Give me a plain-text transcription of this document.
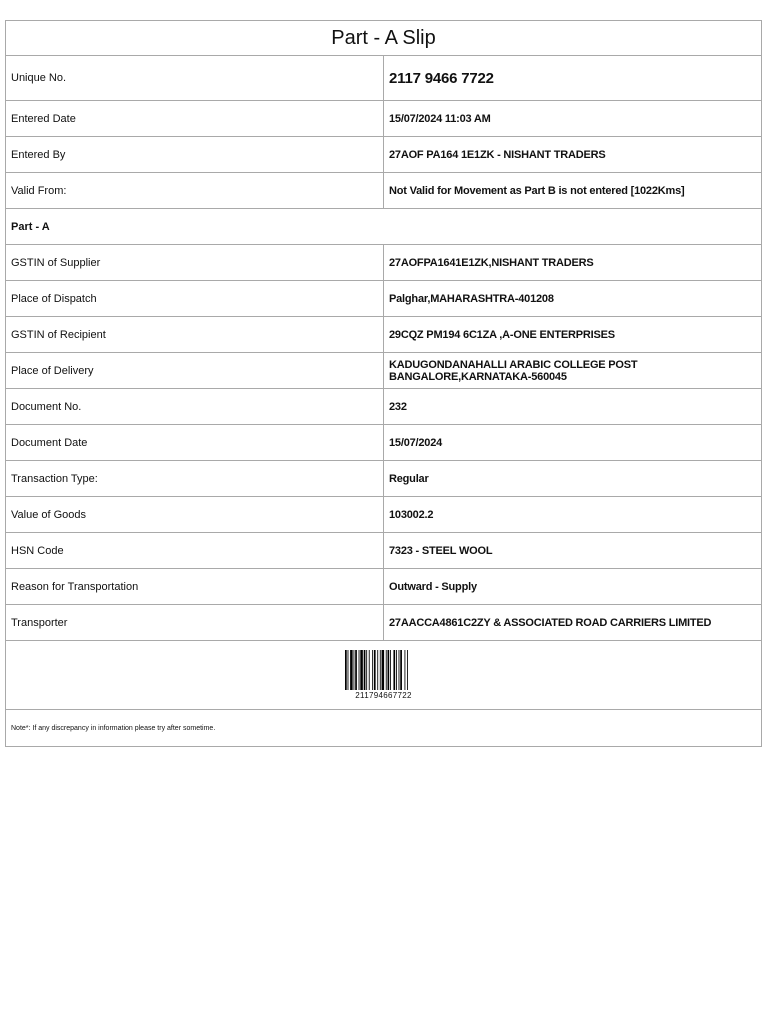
Part - A Slip	
Unique No.	2117 9466 7722
Entered Date	15/07/2024 11:03 AM
Entered By	27AOF PA164 1E1ZK - NISHANT TRADERS
Valid From:	Not Valid for Movement as Part B is not entered [1022Kms]
Part - A	
GSTIN of Supplier	27AOFPA1641E1ZK,NISHANT TRADERS
Place of Dispatch	Palghar,MAHARASHTRA-401208
GSTIN of Recipient	29CQZ PM194 6C1ZA ,A-ONE ENTERPRISES
Place of Delivery	KADUGONDANAHALLI ARABIC COLLEGE POST BANGALORE,KARNATAKA-560045
Document No.	232
Document Date	15/07/2024
Transaction Type:	Regular
Value of Goods	103002.2
HSN Code	7323 - STEEL WOOL
Reason for Transportation	Outward - Supply
Transporter	27AACCA4861C2ZY & ASSOCIATED ROAD CARRIERS LIMITED

211794667722	

Note*: If any discrepancy in information please try after sometime.	
